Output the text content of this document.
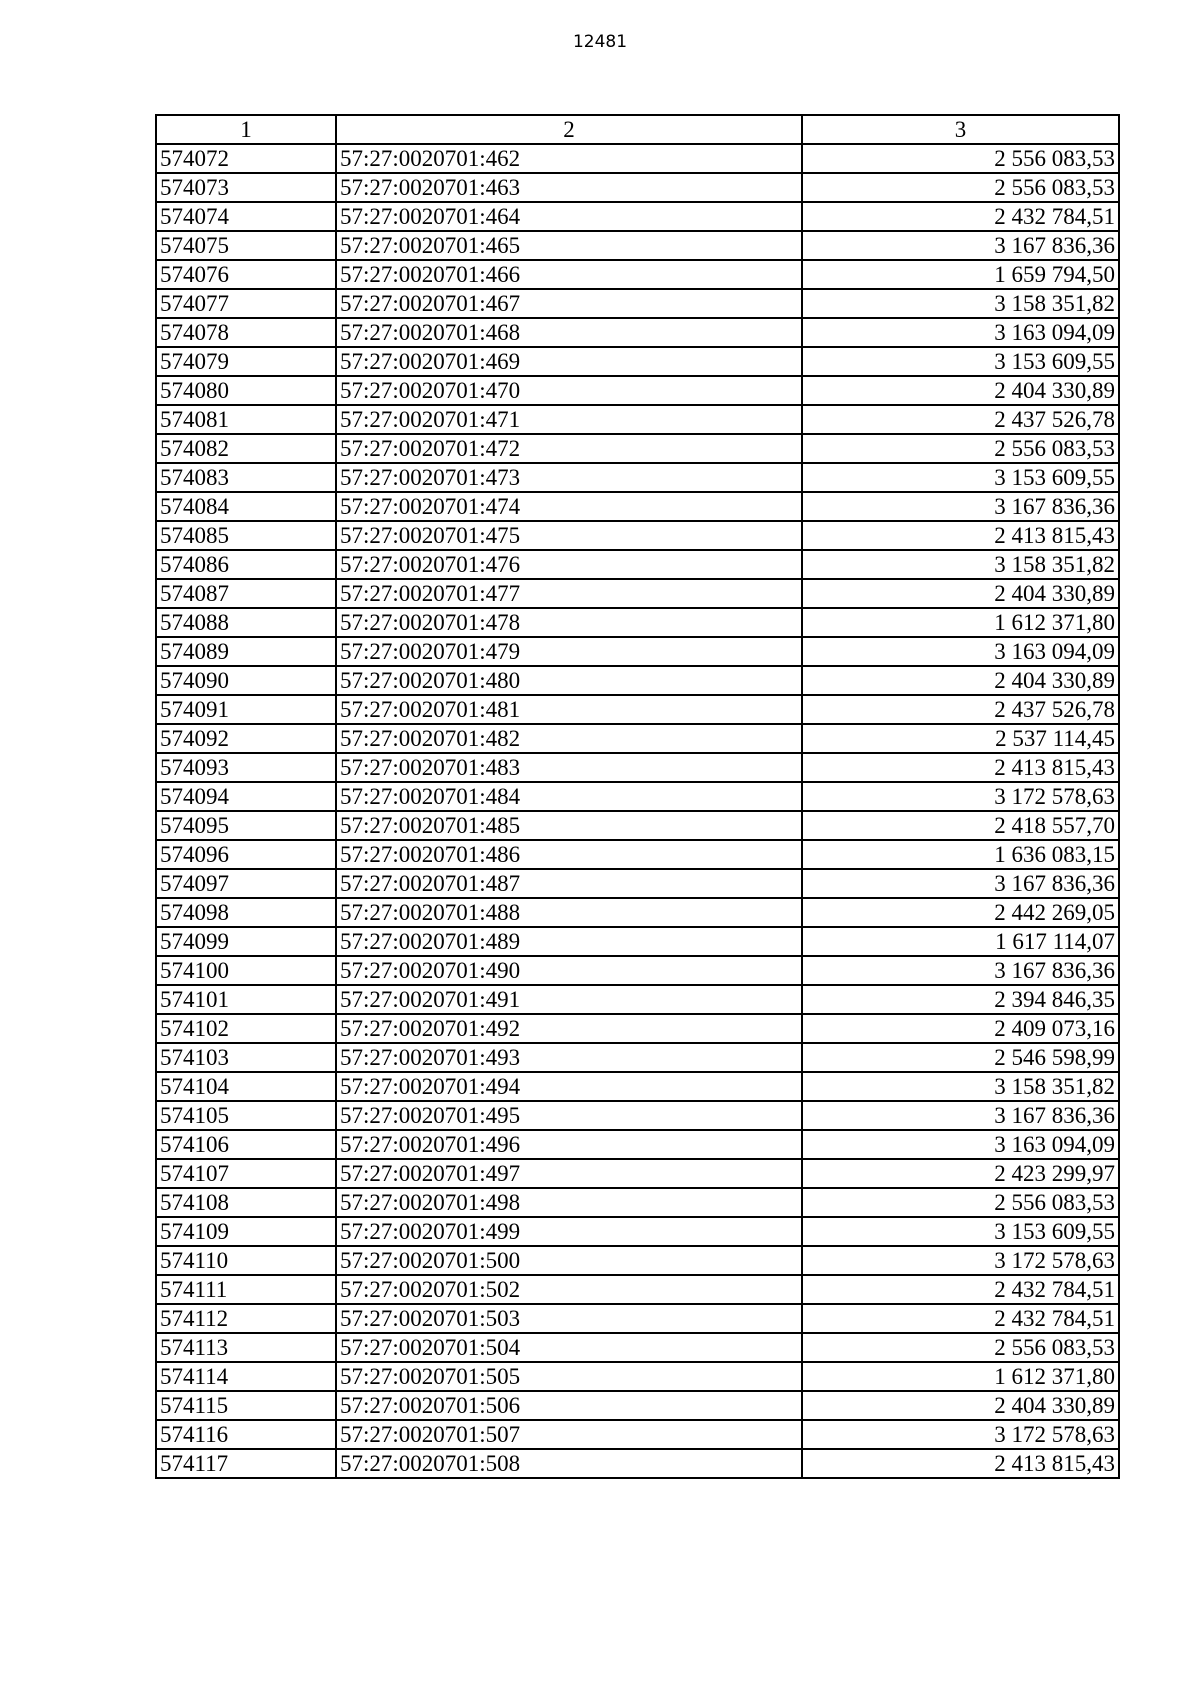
12481
1	2	3
574072	57:27:0020701:462	2 556 083,53
574073	57:27:0020701:463	2 556 083,53
574074	57:27:0020701:464	2 432 784,51
574075	57:27:0020701:465	3 167 836,36
574076	57:27:0020701:466	1 659 794,50
574077	57:27:0020701:467	3 158 351,82
574078	57:27:0020701:468	3 163 094,09
574079	57:27:0020701:469	3 153 609,55
574080	57:27:0020701:470	2 404 330,89
574081	57:27:0020701:471	2 437 526,78
574082	57:27:0020701:472	2 556 083,53
574083	57:27:0020701:473	3 153 609,55
574084	57:27:0020701:474	3 167 836,36
574085	57:27:0020701:475	2 413 815,43
574086	57:27:0020701:476	3 158 351,82
574087	57:27:0020701:477	2 404 330,89
574088	57:27:0020701:478	1 612 371,80
574089	57:27:0020701:479	3 163 094,09
574090	57:27:0020701:480	2 404 330,89
574091	57:27:0020701:481	2 437 526,78
574092	57:27:0020701:482	2 537 114,45
574093	57:27:0020701:483	2 413 815,43
574094	57:27:0020701:484	3 172 578,63
574095	57:27:0020701:485	2 418 557,70
574096	57:27:0020701:486	1 636 083,15
574097	57:27:0020701:487	3 167 836,36
574098	57:27:0020701:488	2 442 269,05
574099	57:27:0020701:489	1 617 114,07
574100	57:27:0020701:490	3 167 836,36
574101	57:27:0020701:491	2 394 846,35
574102	57:27:0020701:492	2 409 073,16
574103	57:27:0020701:493	2 546 598,99
574104	57:27:0020701:494	3 158 351,82
574105	57:27:0020701:495	3 167 836,36
574106	57:27:0020701:496	3 163 094,09
574107	57:27:0020701:497	2 423 299,97
574108	57:27:0020701:498	2 556 083,53
574109	57:27:0020701:499	3 153 609,55
574110	57:27:0020701:500	3 172 578,63
574111	57:27:0020701:502	2 432 784,51
574112	57:27:0020701:503	2 432 784,51
574113	57:27:0020701:504	2 556 083,53
574114	57:27:0020701:505	1 612 371,80
574115	57:27:0020701:506	2 404 330,89
574116	57:27:0020701:507	3 172 578,63
574117	57:27:0020701:508	2 413 815,43
